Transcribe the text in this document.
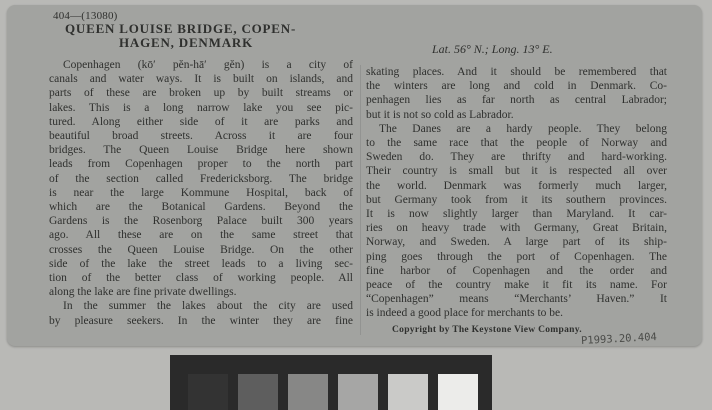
404—(13080)
QUEEN LOUISE BRIDGE, COPEN-
HAGEN, DENMARK	Lat. 56° N.; Long. 13° E.
Copenhagen (kō′ pĕn-hā′ gĕn) is a city of
canals and water ways. It is built on islands, and
parts of these are broken up by built streams or
lakes. This is a long narrow lake you see pic-
tured. Along either side of it are parks and
beautiful broad streets. Across it are four
bridges. The Queen Louise Bridge here shown
leads from Copenhagen proper to the north part
of the section called Fredericksborg. The bridge
is near the large Kommune Hospital, back of
which are the Botanical Gardens. Beyond the
Gardens is the Rosenborg Palace built 300 years
ago. All these are on the same street that
crosses the Queen Louise Bridge. On the other
side of the lake the street leads to a living sec-
tion of the better class of working people. All
along the lake are fine private dwellings.
In the summer the lakes about the city are used
by pleasure seekers. In the winter they are fine
skating places. And it should be remembered that
the winters are long and cold in Denmark. Co-
penhagen lies as far north as central Labrador;
but it is not so cold as Labrador.
The Danes are a hardy people. They belong
to the same race that the people of Norway and
Sweden do. They are thrifty and hard-working.
Their country is small but it is respected all over
the world. Denmark was formerly much larger,
but Germany took from it its southern provinces.
It is now slightly larger than Maryland. It car-
ries on heavy trade with Germany, Great Britain,
Norway, and Sweden. A large part of its ship-
ping goes through the port of Copenhagen. The
fine harbor of Copenhagen and the order and
peace of the country make it fit its name. For
“Copenhagen” means “Merchants’ Haven.” It
is indeed a good place for merchants to be.
Copyright by The Keystone View Company.
P1993.20.404
